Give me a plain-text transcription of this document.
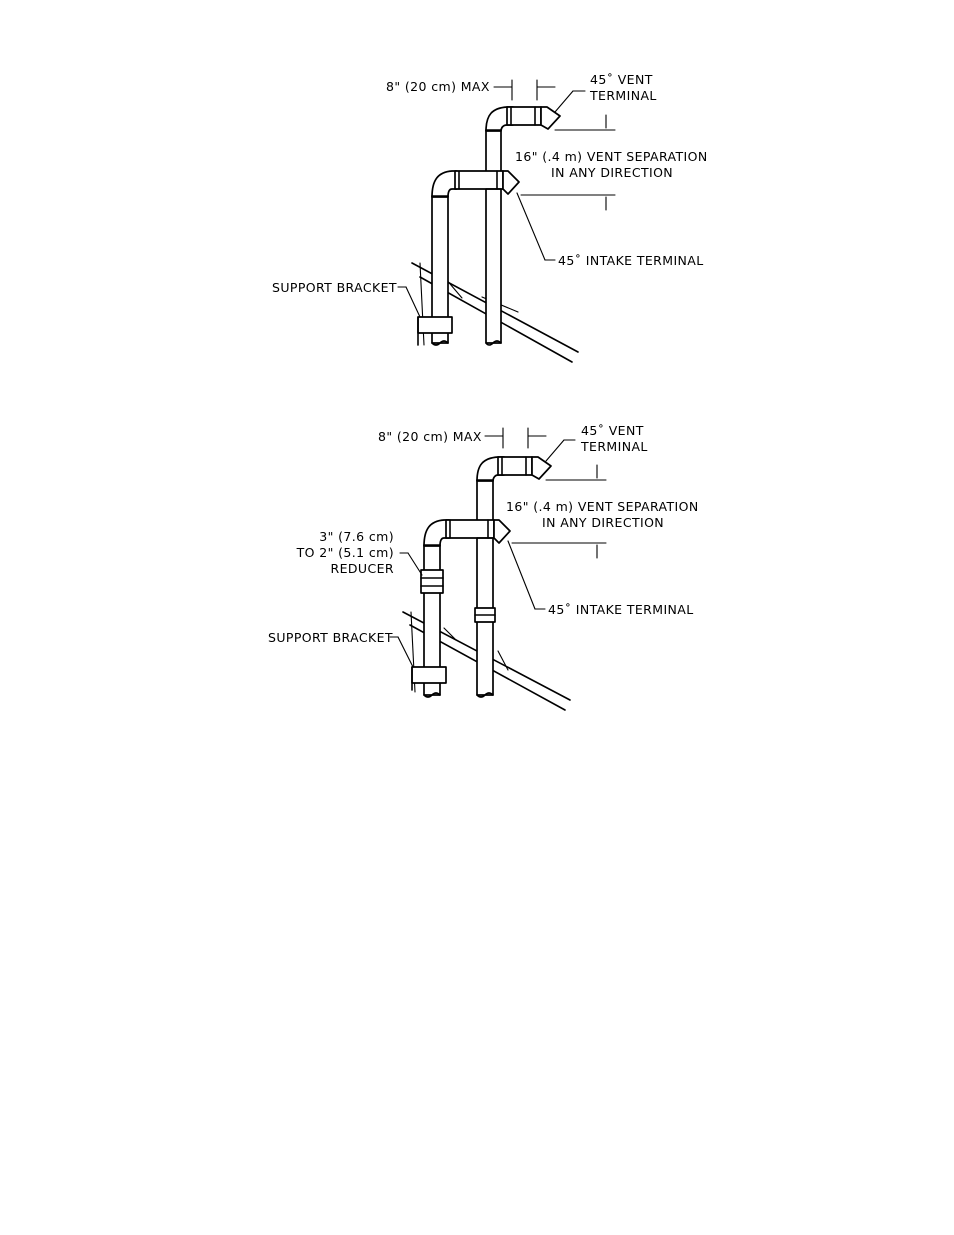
8" (20 cm) MAX	45˚ VENT
TERMINAL
16" (.4 m) VENT SEPARATION
IN ANY DIRECTION
45˚ INTAKE TERMINAL
SUPPORT BRACKET
8" (20 cm) MAX	45˚ VENT
TERMINAL
16" (.4 m) VENT SEPARATION
IN ANY DIRECTION
45˚ INTAKE TERMINAL
3" (7.6 cm)
TO 2" (5.1 cm)
REDUCER
SUPPORT BRACKET
